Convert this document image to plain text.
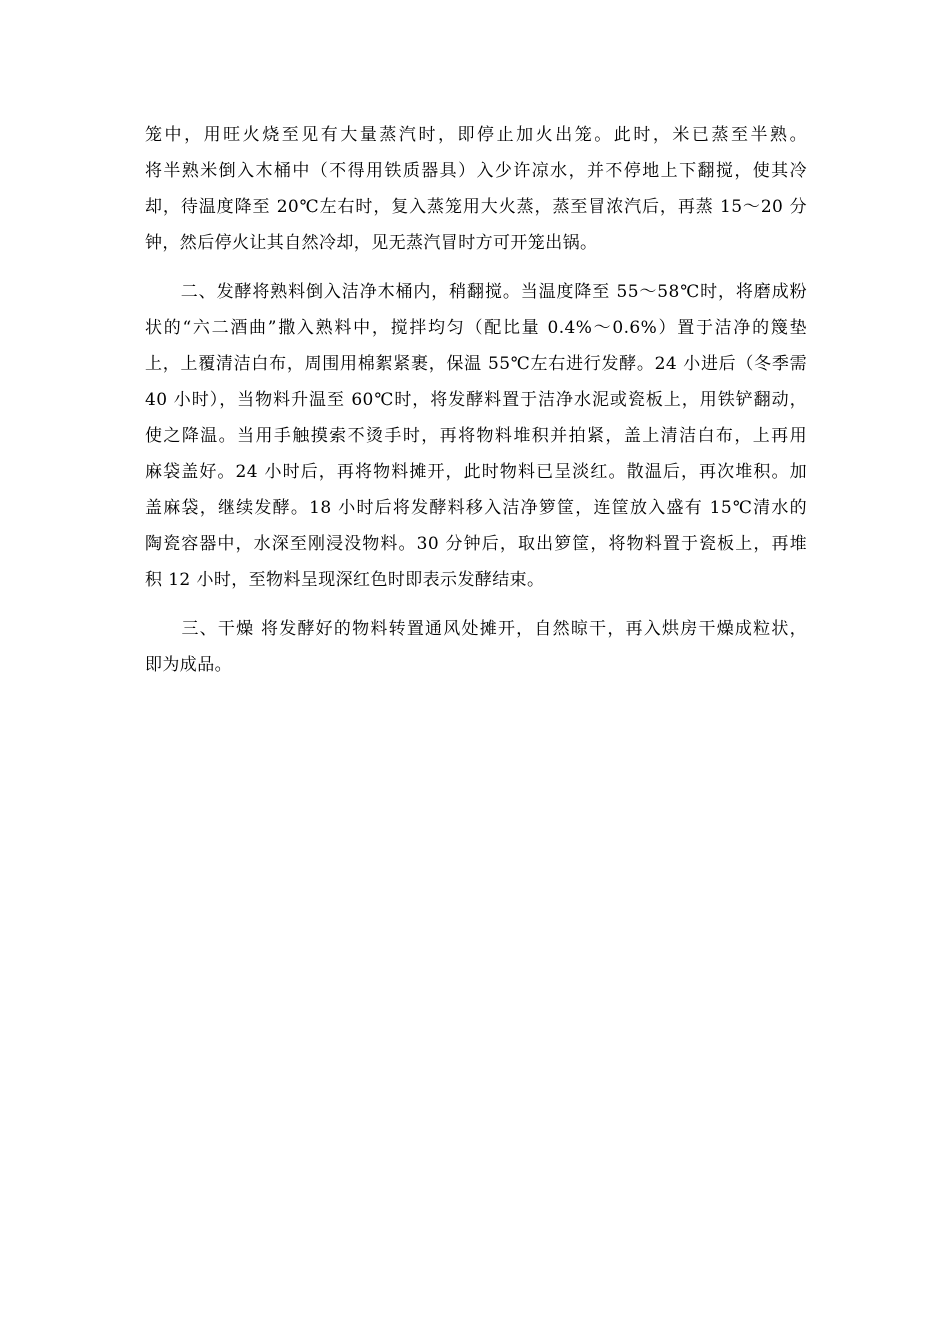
笼中，用旺火烧至见有大量蒸汽时，即停止加火出笼。此时，米已蒸至半熟。
将半熟米倒入木桶中（不得用铁质器具）入少许凉水，并不停地上下翻搅，使其冷
却，待温度降至 20℃左右时，复入蒸笼用大火蒸，蒸至冒浓汽后，再蒸 15～20 分
钟，然后停火让其自然冷却，见无蒸汽冒时方可开笼出锅。
　　二、发酵将熟料倒入洁净木桶内，稍翻搅。当温度降至 55～58℃时，将磨成粉
状的“六二酒曲”撒入熟料中，搅拌均匀（配比量 0.4%～0.6%）置于洁净的篾垫
上，上覆清洁白布，周围用棉絮紧裹，保温 55℃左右进行发酵。24 小进后（冬季需
40 小时），当物料升温至 60℃时，将发酵料置于洁净水泥或瓷板上，用铁铲翻动，
使之降温。当用手触摸索不烫手时，再将物料堆积并拍紧，盖上清洁白布，上再用
麻袋盖好。24 小时后，再将物料摊开，此时物料已呈淡红。散温后，再次堆积。加
盖麻袋，继续发酵。18 小时后将发酵料移入洁净箩筐，连筐放入盛有 15℃清水的
陶瓷容器中，水深至刚浸没物料。30 分钟后，取出箩筐，将物料置于瓷板上，再堆
积 12 小时，至物料呈现深红色时即表示发酵结束。
　　三、干燥 将发酵好的物料转置通风处摊开，自然晾干，再入烘房干燥成粒状，
即为成品。
